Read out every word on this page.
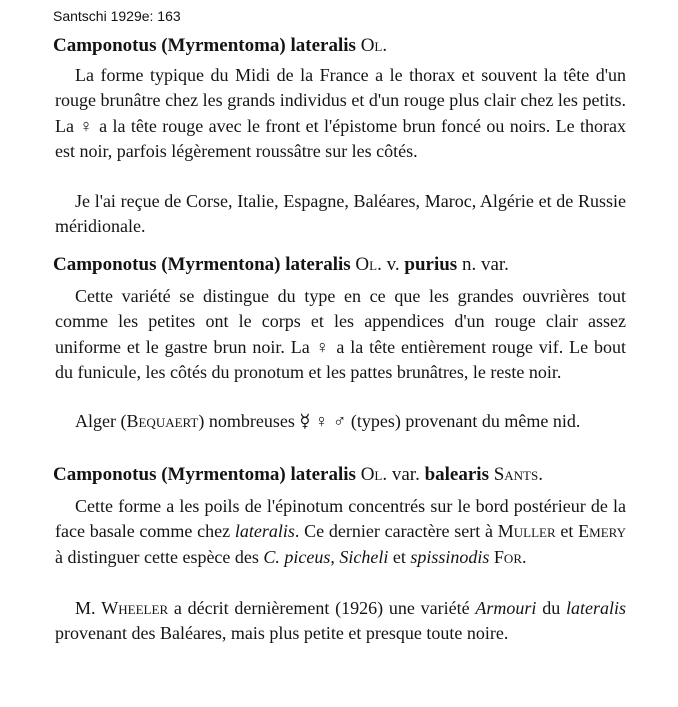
Santschi 1929e: 163
Camponotus (Myrmentoma) lateralis Ol.
La forme typique du Midi de la France a le thorax et souvent la tête d'un rouge brunâtre chez les grands individus et d'un rouge plus clair chez les petits. La ♀ a la tête rouge avec le front et l'épistome brun foncé ou noirs. Le thorax est noir, parfois légèrement roussâtre sur les côtés.
Je l'ai reçue de Corse, Italie, Espagne, Baléares, Maroc, Algérie et de Russie méridionale.
Camponotus (Myrmentona) lateralis Ol. v. purius n. var.
Cette variété se distingue du type en ce que les grandes ouvrières tout comme les petites ont le corps et les appendices d'un rouge clair assez uniforme et le gastre brun noir. La ♀ a la tête entièrement rouge vif. Le bout du funicule, les côtés du pronotum et les pattes brunâtres, le reste noir.
Alger (Bequaert) nombreuses ☿ ♀ ♂ (types) provenant du même nid.
Camponotus (Myrmentoma) lateralis Ol. var. balearis Sants.
Cette forme a les poils de l'épinotum concentrés sur le bord postérieur de la face basale comme chez lateralis. Ce dernier caractère sert à Muller et Emery à distinguer cette espèce des C. piceus, Sicheli et spissinodis For.
M. Wheeler a décrit dernièrement (1926) une variété Armouri du lateralis provenant des Baléares, mais plus petite et presque toute noire.
